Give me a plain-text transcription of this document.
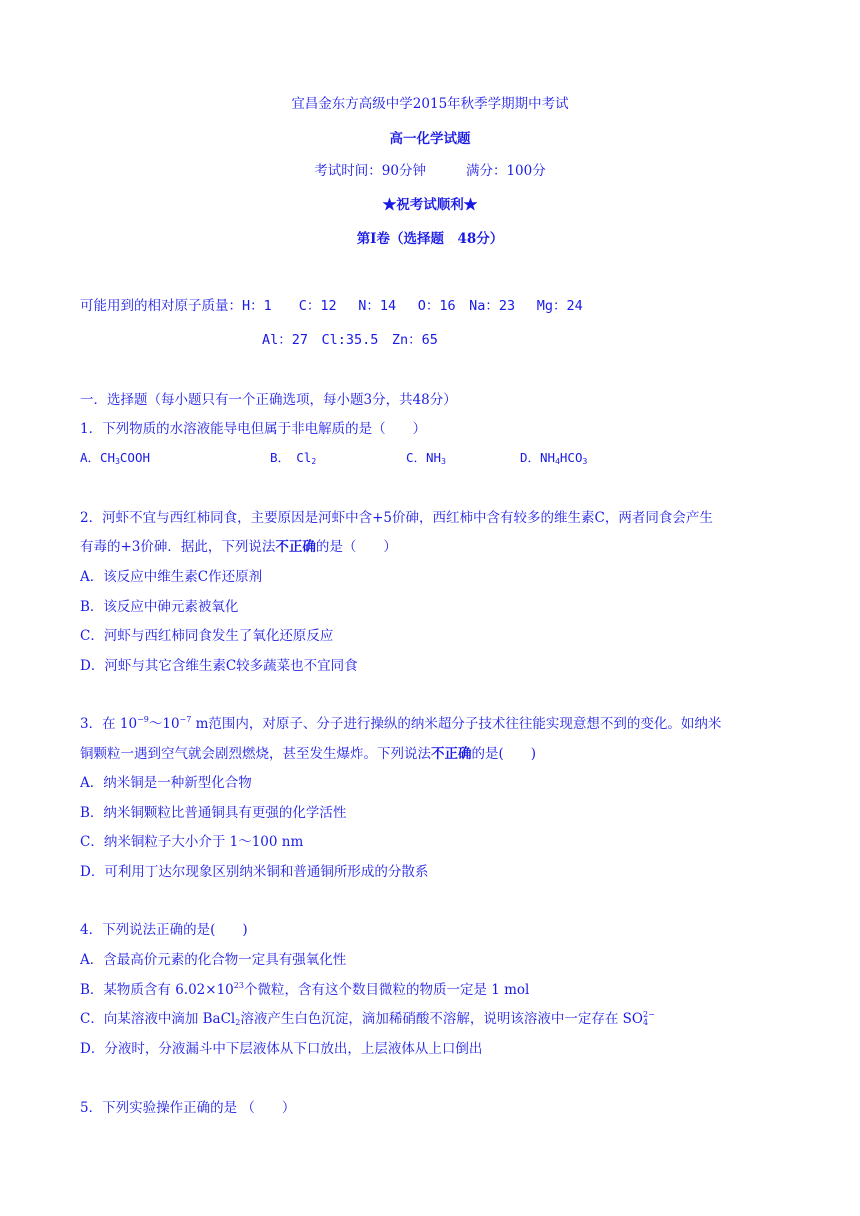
宜昌金东方高级中学2015年秋季学期期中考试
高一化学试题
考试时间：90分钟	满分：100分
★祝考试顺利★
第Ⅰ卷（选择题　48分）
可能用到的相对原子质量：H：1　　C：12　 N：14　 O：16　Na：23　 Mg：24
Al：27　Cl:35.5　Zn：65
一．选择题（每小题只有一个正确选项，每小题3分，共48分）
1．下列物质的水溶液能导电但属于非电解质的是（　　）
A．$CH_3COOH$	B．　$Cl_2$	C．$NH_3$	D．$NH_4HCO_3$
2．河虾不宜与西红柿同食，主要原因是河虾中含+5价砷，西红柿中含有较多的维生素C，两者同食会产生
有毒的+3价砷．据此，下列说法不正确的是（　　）
A．该反应中维生素C作还原剂
B．该反应中砷元素被氧化
C．河虾与西红柿同食发生了氧化还原反应
D．河虾与其它含维生素C较多蔬菜也不宜同食
3．在 $10^{-9}\sim 10^{-7}$ m范围内，对原子、分子进行操纵的纳米超分子技术往往能实现意想不到的变化。如纳米
铜颗粒一遇到空气就会剧烈燃烧，甚至发生爆炸。下列说法不正确的是(　　)
A．纳米铜是一种新型化合物
B．纳米铜颗粒比普通铜具有更强的化学活性
C．纳米铜粒子大小介于 1～100 nm
D．可利用丁达尔现象区别纳米铜和普通铜所形成的分散系
4．下列说法正确的是(　　)
A．含最高价元素的化合物一定具有强氧化性
B．某物质含有 $6.02\times 10^{23}$个微粒，含有这个数目微粒的物质一定是 1 mol
C．向某溶液中滴加 BaCl$_2$溶液产生白色沉淀，滴加稀硝酸不溶解，说明该溶液中一定存在 $SO_4^{2-}$
D．分液时，分液漏斗中下层液体从下口放出，上层液体从上口倒出
5．下列实验操作正确的是 （　　）
